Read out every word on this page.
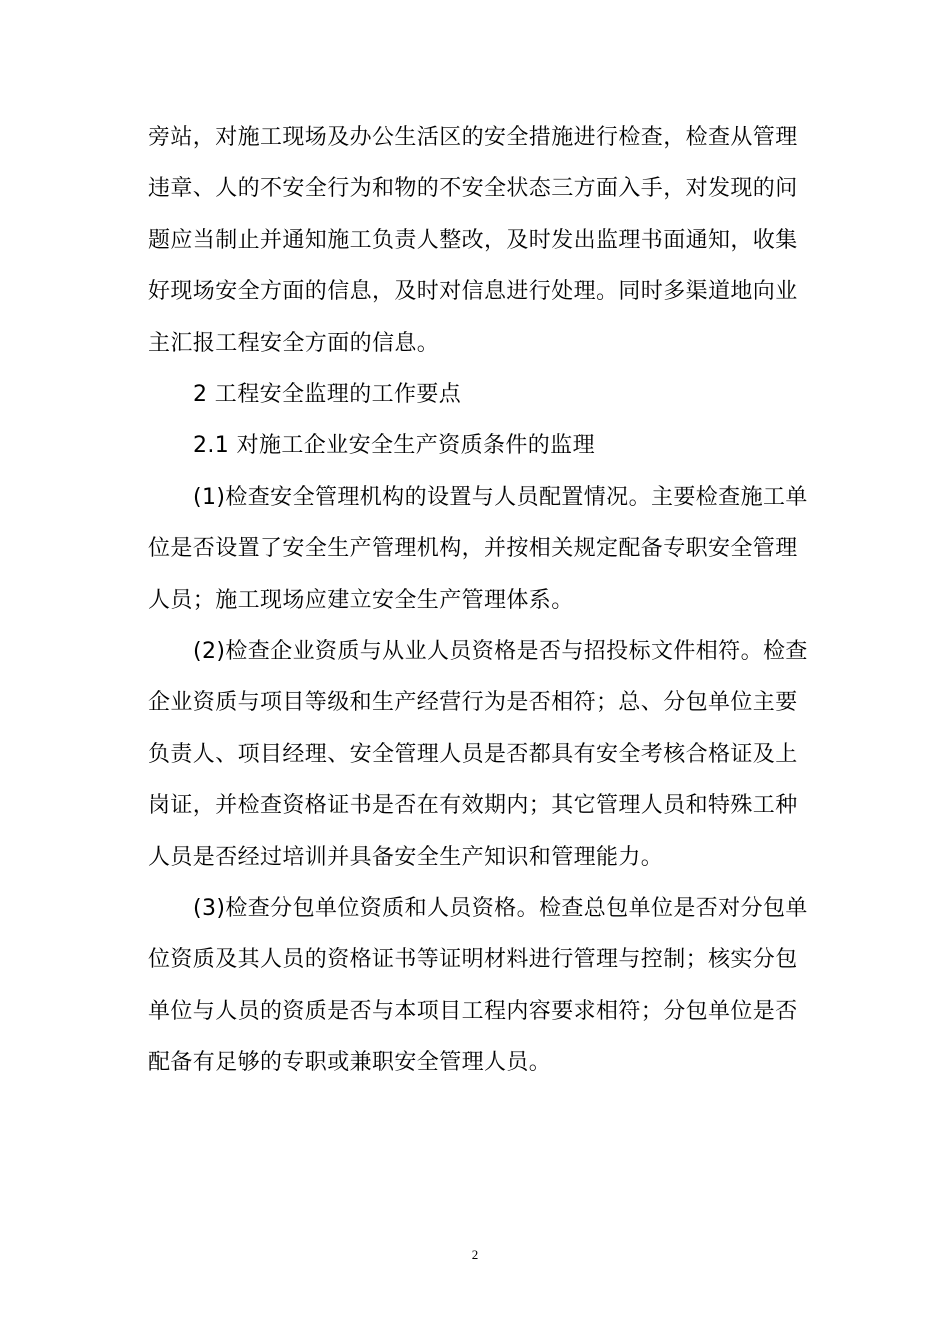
旁站，对施工现场及办公生活区的安全措施进行检查，检查从管理
违章、人的不安全行为和物的不安全状态三方面入手，对发现的问
题应当制止并通知施工负责人整改，及时发出监理书面通知，收集
好现场安全方面的信息，及时对信息进行处理。同时多渠道地向业
主汇报工程安全方面的信息。
2 工程安全监理的工作要点
2.1 对施工企业安全生产资质条件的监理
(1)检查安全管理机构的设置与人员配置情况。主要检查施工单
位是否设置了安全生产管理机构，并按相关规定配备专职安全管理
人员；施工现场应建立安全生产管理体系。
(2)检查企业资质与从业人员资格是否与招投标文件相符。检查
企业资质与项目等级和生产经营行为是否相符；总、分包单位主要
负责人、项目经理、安全管理人员是否都具有安全考核合格证及上
岗证，并检查资格证书是否在有效期内；其它管理人员和特殊工种
人员是否经过培训并具备安全生产知识和管理能力。
(3)检查分包单位资质和人员资格。检查总包单位是否对分包单
位资质及其人员的资格证书等证明材料进行管理与控制；核实分包
单位与人员的资质是否与本项目工程内容要求相符；分包单位是否
配备有足够的专职或兼职安全管理人员。
2
